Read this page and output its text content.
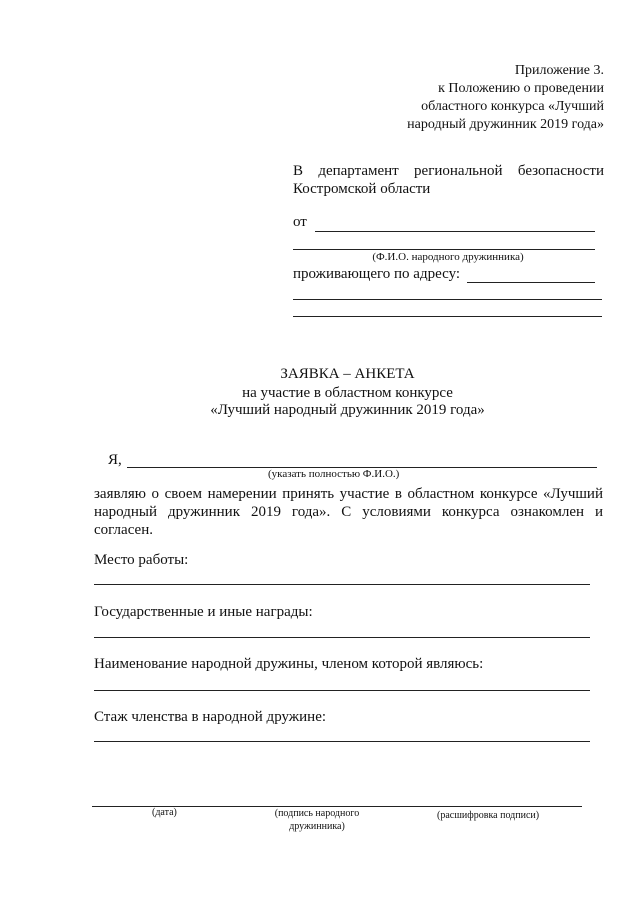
Приложение 3.
к Положению о проведении
областного конкурса «Лучший
народный дружинник 2019 года»
В департамент региональной безопасности
Костромской области
от
(Ф.И.О. народного дружинника)
проживающего по адресу:
ЗАЯВКА – АНКЕТА
на участие в областном конкурсе
«Лучший народный дружинник 2019 года»
Я,
(указать полностью Ф.И.О.)
заявляю о своем намерении принять участие в областном конкурсе «Лучший
народный дружинник 2019 года». С условиями конкурса ознакомлен и
согласен.
Место работы:
Государственные и иные награды:
Наименование народной дружины, членом которой являюсь:
Стаж членства в народной дружине:
(дата)	(подпись народного
дружинника)
(расшифровка подписи)
